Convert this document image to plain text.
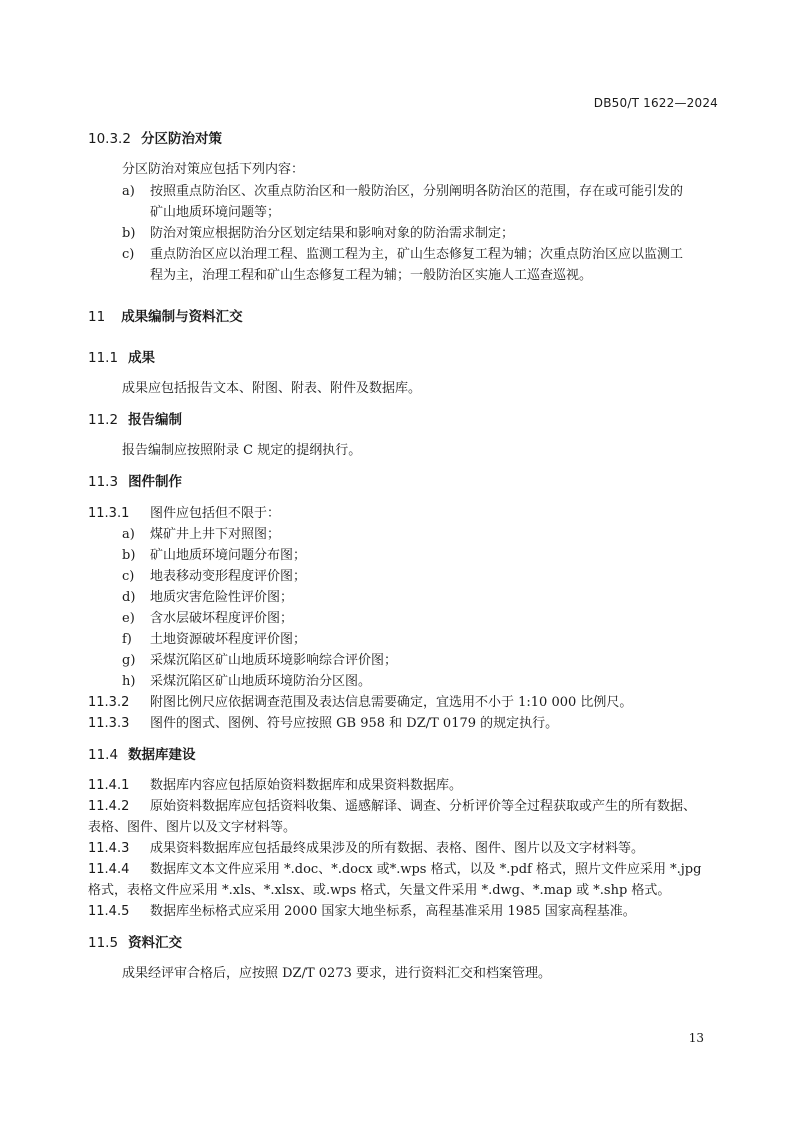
DB50/T 1622—2024
10.3.2 分区防治对策
分区防治对策应包括下列内容：
a) 按照重点防治区、次重点防治区和一般防治区，分别阐明各防治区的范围，存在或可能引发的
矿山地质环境问题等；
b) 防治对策应根据防治分区划定结果和影响对象的防治需求制定；
c) 重点防治区应以治理工程、监测工程为主，矿山生态修复工程为辅；次重点防治区应以监测工
程为主，治理工程和矿山生态修复工程为辅；一般防治区实施人工巡查巡视。
11 成果编制与资料汇交
11.1 成果
成果应包括报告文本、附图、附表、附件及数据库。
11.2 报告编制
报告编制应按照附录 C 规定的提纲执行。
11.3 图件制作
11.3.1 图件应包括但不限于：
a) 煤矿井上井下对照图；
b) 矿山地质环境问题分布图；
c) 地表移动变形程度评价图；
d) 地质灾害危险性评价图；
e) 含水层破坏程度评价图；
f) 土地资源破坏程度评价图；
g) 采煤沉陷区矿山地质环境影响综合评价图；
h) 采煤沉陷区矿山地质环境防治分区图。
11.3.2 附图比例尺应依据调查范围及表达信息需要确定，宜选用不小于 1:10 000 比例尺。
11.3.3 图件的图式、图例、符号应按照 GB 958 和 DZ/T 0179 的规定执行。
11.4 数据库建设
11.4.1 数据库内容应包括原始资料数据库和成果资料数据库。
11.4.2 原始资料数据库应包括资料收集、遥感解译、调查、分析评价等全过程获取或产生的所有数据、
表格、图件、图片以及文字材料等。
11.4.3 成果资料数据库应包括最终成果涉及的所有数据、表格、图件、图片以及文字材料等。
11.4.4 数据库文本文件应采用 *.doc、*.docx 或*.wps 格式，以及 *.pdf 格式，照片文件应采用 *.jpg
格式，表格文件应采用 *.xls、*.xlsx、或.wps 格式，矢量文件采用 *.dwg、*.map 或 *.shp 格式。
11.4.5 数据库坐标格式应采用 2000 国家大地坐标系，高程基准采用 1985 国家高程基准。
11.5 资料汇交
成果经评审合格后，应按照 DZ/T 0273 要求，进行资料汇交和档案管理。
13
